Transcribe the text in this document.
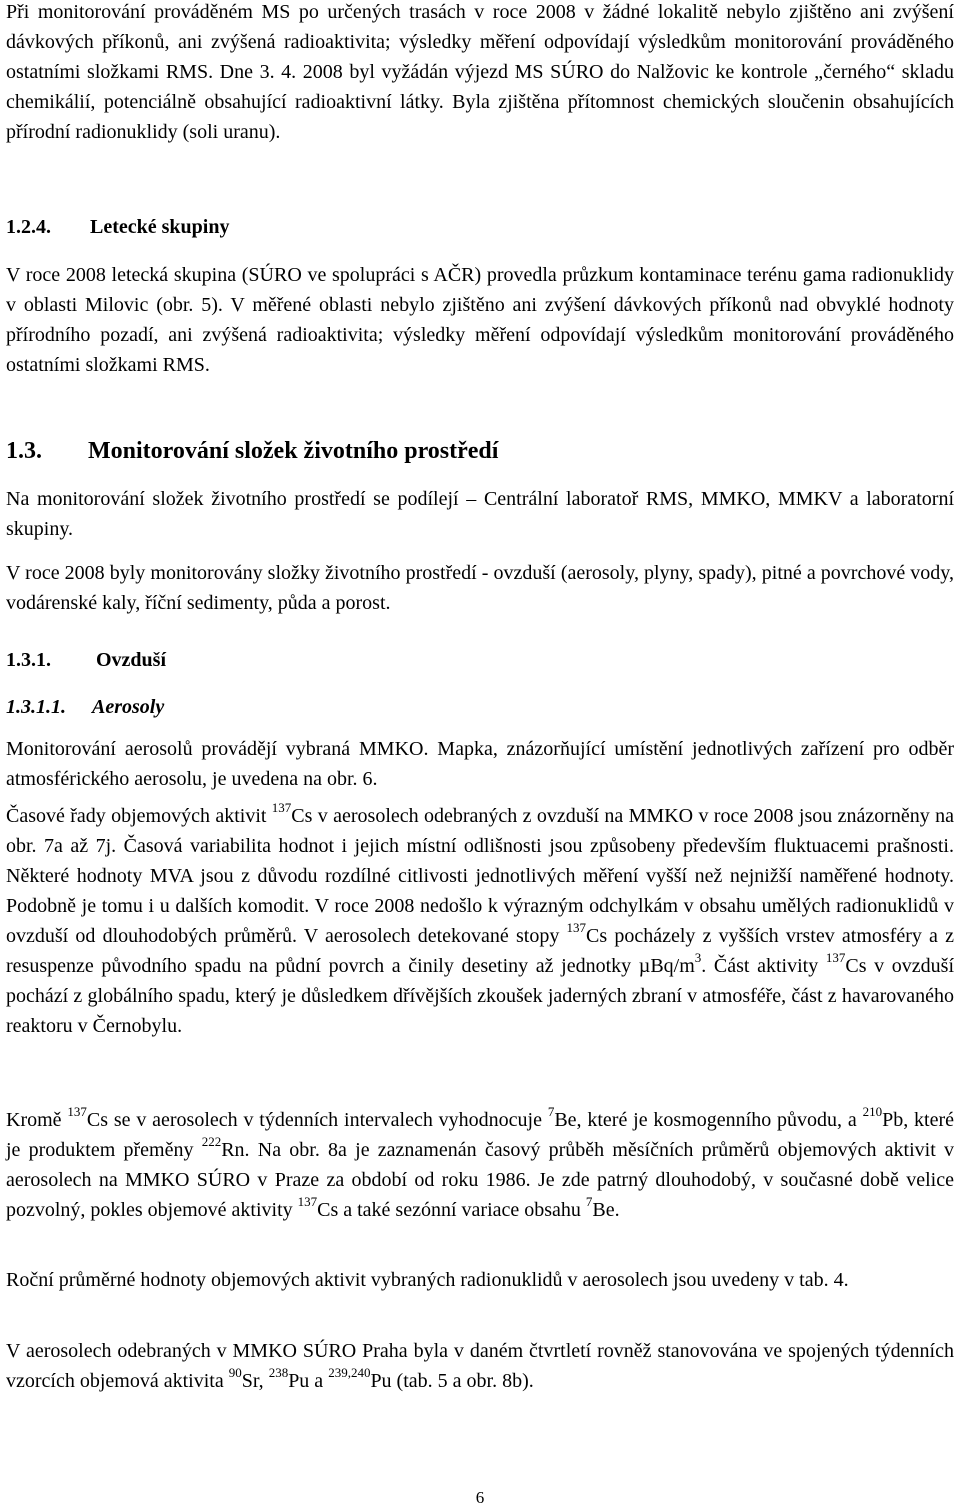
Při monitorování prováděném MS po určených trasách v roce 2008 v žádné lokalitě nebylo zjištěno ani zvýšení dávkových příkonů, ani zvýšená radioaktivita; výsledky měření odpovídají výsledkům monitorování prováděného ostatními složkami RMS. Dne 3. 4. 2008 byl vyžádán výjezd MS SÚRO do Nalžovic ke kontrole „černého“ skladu chemikálií, potenciálně obsahující radioaktivní látky. Byla zjištěna přítomnost chemických sloučenin obsahujících přírodní radionuklidy (soli uranu).

1.2.4. Letecké skupiny

V roce 2008 letecká skupina (SÚRO ve spolupráci s AČR) provedla průzkum kontaminace terénu gama radionuklidy v oblasti Milovic (obr. 5). V měřené oblasti nebylo zjištěno ani zvýšení dávkových příkonů nad obvyklé hodnoty přírodního pozadí, ani zvýšená radioaktivita; výsledky měření odpovídají výsledkům monitorování prováděného ostatními složkami RMS.

1.3. Monitorování složek životního prostředí

Na monitorování složek životního prostředí se podílejí – Centrální laboratoř RMS, MMKO, MMKV a laboratorní skupiny.

V roce 2008 byly monitorovány složky životního prostředí - ovzduší (aerosoly, plyny, spady), pitné a povrchové vody, vodárenské kaly, říční sedimenty, půda a porost.

1.3.1. Ovzduší
1.3.1.1. Aerosoly

Monitorování aerosolů provádějí vybraná MMKO. Mapka, znázorňující umístění jednotlivých zařízení pro odběr atmosférického aerosolu, je uvedena na obr. 6.

Časové řady objemových aktivit $^{137}$Cs v aerosolech odebraných z ovzduší na MMKO v roce 2008 jsou znázorněny na obr. 7a až 7j. Časová variabilita hodnot i jejich místní odlišnosti jsou způsobeny především fluktuacemi prašnosti. Některé hodnoty MVA jsou z důvodu rozdílné citlivosti jednotlivých měření vyšší než nejnižší naměřené hodnoty. Podobně je tomu i u dalších komodit. V roce 2008 nedošlo k výrazným odchylkám v obsahu umělých radionuklidů v ovzduší od dlouhodobých průměrů. V aerosolech detekované stopy $^{137}$Cs pocházely z vyšších vrstev atmosféry a z resuspenze původního spadu na půdní povrch a činily desetiny až jednotky µBq/$m^3$. Část aktivity $^{137}$Cs v ovzduší pochází z globálního spadu, který je důsledkem dřívějších zkoušek jaderných zbraní v atmosféře, část z havarovaného reaktoru v Černobylu.

Kromě $^{137}$Cs se v aerosolech v týdenních intervalech vyhodnocuje $^7$Be, které je kosmogenního původu, a $^{210}$Pb, které je produktem přeměny $^{222}$Rn. Na obr. 8a je zaznamenán časový průběh měsíčních průměrů objemových aktivit v aerosolech na MMKO SÚRO v Praze za období od roku 1986. Je zde patrný dlouhodobý, v současné době velice pozvolný, pokles objemové aktivity $^{137}$Cs a také sezónní variace obsahu $^7$Be.

Roční průměrné hodnoty objemových aktivit vybraných radionuklidů v aerosolech jsou uvedeny v tab. 4.

V aerosolech odebraných v MMKO SÚRO Praha byla v daném čtvrtletí rovněž stanovována ve spojených týdenních vzorcích objemová aktivita $^{90}$Sr, $^{238}$Pu a $^{239,240}$Pu (tab. 5 a obr. 8b).

6
